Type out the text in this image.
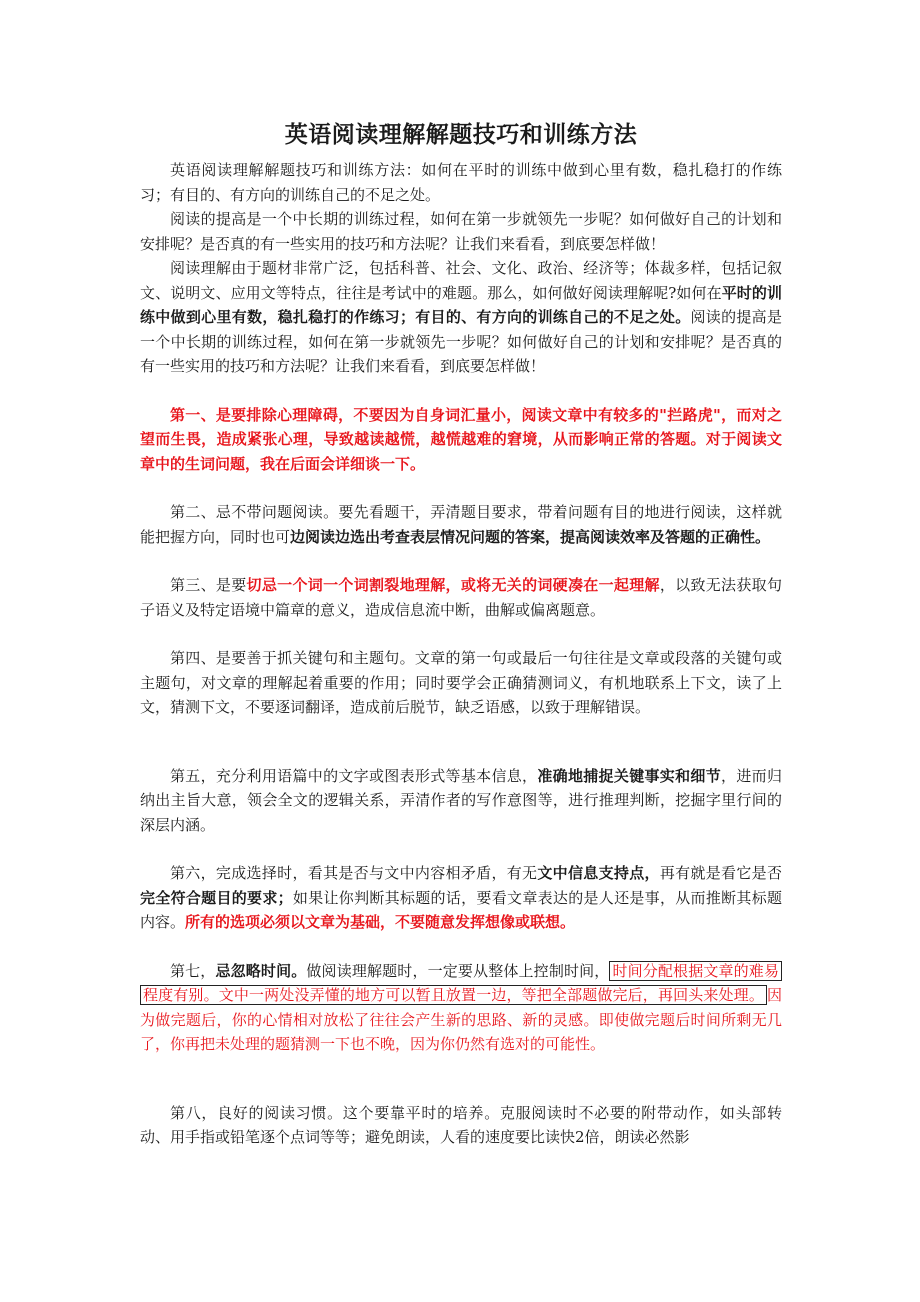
英语阅读理解解题技巧和训练方法

英语阅读理解解题技巧和训练方法：如何在平时的训练中做到心里有数，稳扎稳打的作练习；有目的、有方向的训练自己的不足之处。

阅读的提高是一个中长期的训练过程，如何在第一步就领先一步呢？如何做好自己的计划和安排呢？是否真的有一些实用的技巧和方法呢？让我们来看看，到底要怎样做！

阅读理解由于题材非常广泛，包括科普、社会、文化、政治、经济等；体裁多样，包括记叙文、说明文、应用文等特点，往往是考试中的难题。那么，如何做好阅读理解呢?如何在平时的训练中做到心里有数，稳扎稳打的作练习；有目的、有方向的训练自己的不足之处。阅读的提高是一个中长期的训练过程，如何在第一步就领先一步呢？如何做好自己的计划和安排呢？是否真的有一些实用的技巧和方法呢？让我们来看看，到底要怎样做！

第一、是要排除心理障碍，不要因为自身词汇量小，阅读文章中有较多的"拦路虎"，而对之望而生畏，造成紧张心理，导致越读越慌，越慌越难的窘境，从而影响正常的答题。对于阅读文章中的生词问题，我在后面会详细谈一下。

第二、忌不带问题阅读。要先看题干，弄清题目要求，带着问题有目的地进行阅读，这样就能把握方向，同时也可边阅读边选出考查表层情况问题的答案，提高阅读效率及答题的正确性。

第三、是要切忌一个词一个词割裂地理解，或将无关的词硬凑在一起理解，以致无法获取句子语义及特定语境中篇章的意义，造成信息流中断，曲解或偏离题意。

第四、是要善于抓关键句和主题句。文章的第一句或最后一句往往是文章或段落的关键句或主题句，对文章的理解起着重要的作用；同时要学会正确猜测词义，有机地联系上下文，读了上文，猜测下文，不要逐词翻译，造成前后脱节，缺乏语感，以致于理解错误。

第五，充分利用语篇中的文字或图表形式等基本信息，准确地捕捉关键事实和细节，进而归纳出主旨大意，领会全文的逻辑关系，弄清作者的写作意图等，进行推理判断，挖掘字里行间的深层内涵。

第六，完成选择时，看其是否与文中内容相矛盾，有无文中信息支持点，再有就是看它是否完全符合题目的要求；如果让你判断其标题的话，要看文章表达的是人还是事，从而推断其标题内容。所有的选项必须以文章为基础，不要随意发挥想像或联想。

第七，忌忽略时间。做阅读理解题时，一定要从整体上控制时间， 时间分配根据文章的难易程度有别。文中一两处没弄懂的地方可以暂且放置一边，等把全部题做完后，再回头来处理。 因为做完题后，你的心情相对放松了往往会产生新的思路、新的灵感。即使做完题后时间所剩无几了，你再把未处理的题猜测一下也不晚，因为你仍然有选对的可能性。

第八，良好的阅读习惯。这个要靠平时的培养。克服阅读时不必要的附带动作，如头部转动、用手指或铅笔逐个点词等等；避免朗读，人看的速度要比读快2倍，朗读必然影
